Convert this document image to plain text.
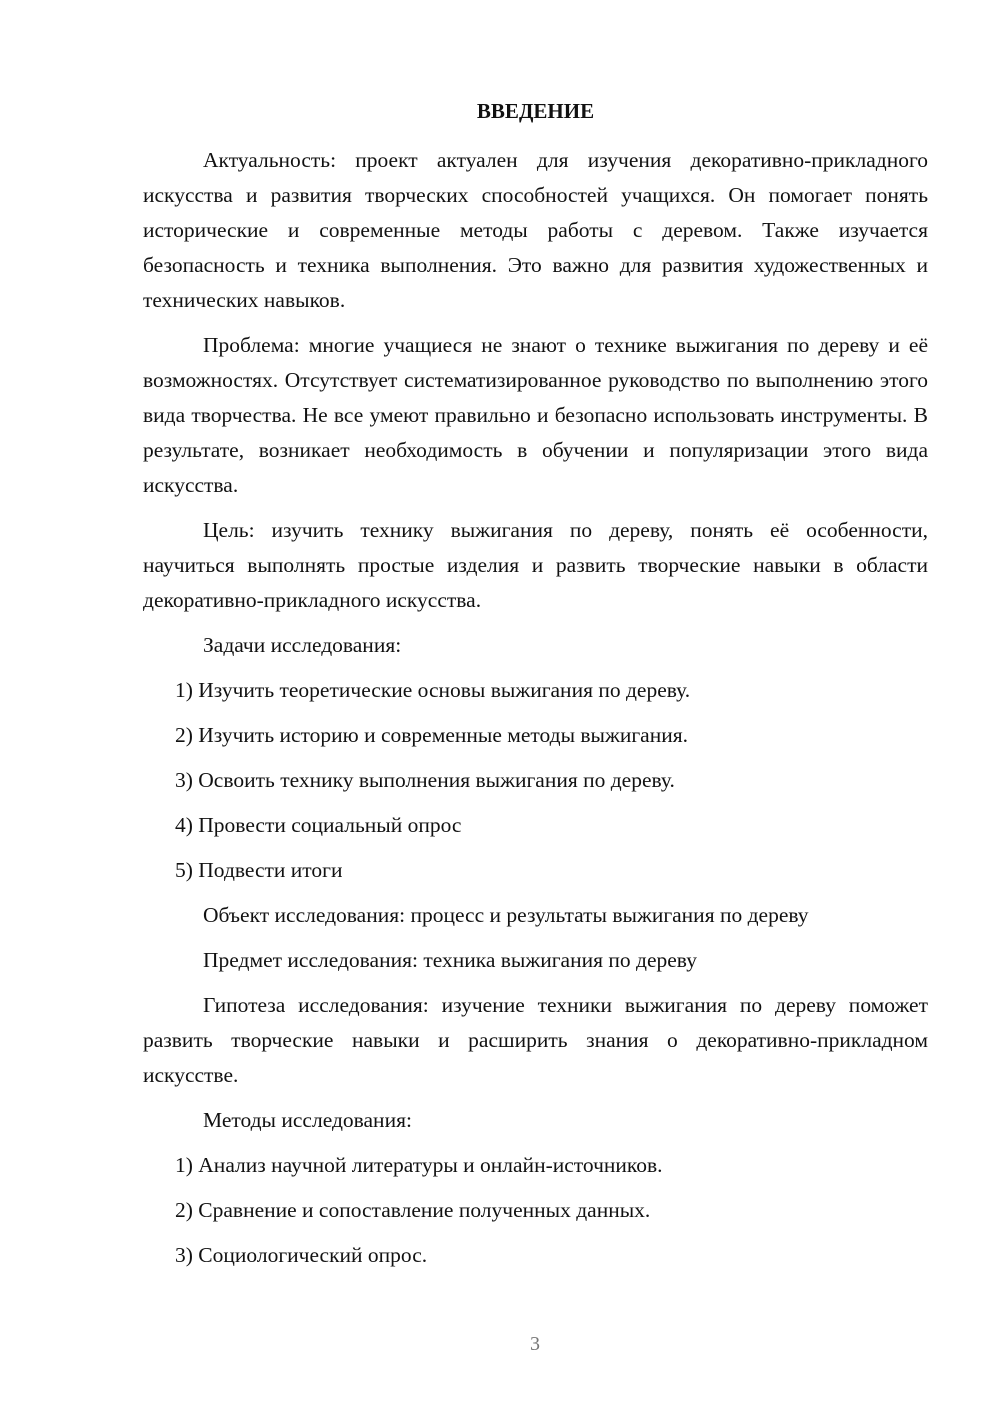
ВВЕДЕНИЕ

Актуальность: проект актуален для изучения декоративно-прикладного искусства и развития творческих способностей учащихся. Он помогает понять исторические и современные методы работы с деревом. Также изучается безопасность и техника выполнения. Это важно для развития художественных и технических навыков.

Проблема: многие учащиеся не знают о технике выжигания по дереву и её возможностях. Отсутствует систематизированное руководство по выполнению этого вида творчества. Не все умеют правильно и безопасно использовать инструменты. В результате, возникает необходимость в обучении и популяризации этого вида искусства.

Цель: изучить технику выжигания по дереву, понять её особенности, научиться выполнять простые изделия и развить творческие навыки в области декоративно-прикладного искусства.

Задачи исследования:

1) Изучить теоретические основы выжигания по дереву.

2) Изучить историю и современные методы выжигания.

3) Освоить технику выполнения выжигания по дереву.

4) Провести социальный опрос

5) Подвести итоги

Объект исследования: процесс и результаты выжигания по дереву

Предмет исследования: техника выжигания по дереву

Гипотеза исследования: изучение техники выжигания по дереву поможет развить творческие навыки и расширить знания о декоративно-прикладном искусстве.

Методы исследования:

1) Анализ научной литературы и онлайн-источников.

2) Сравнение и сопоставление полученных данных.

3) Социологический опрос.

3
